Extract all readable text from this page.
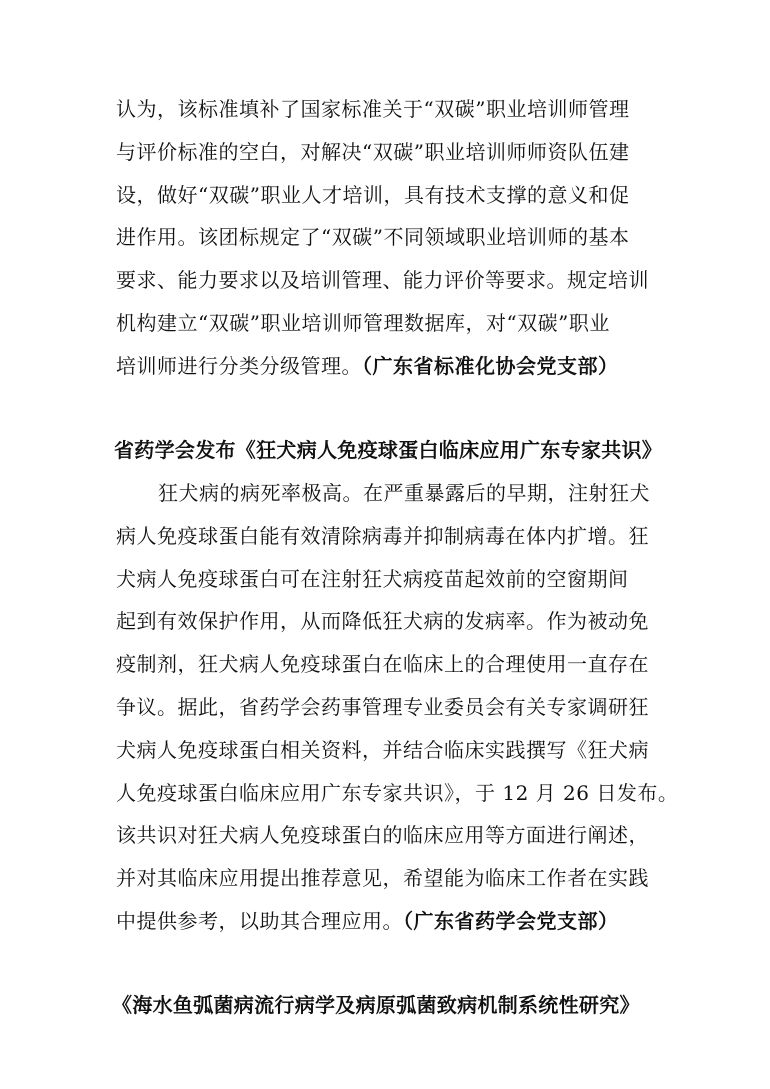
认为，该标准填补了国家标准关于“双碳”职业培训师管理
与评价标准的空白，对解决“双碳”职业培训师师资队伍建
设，做好“双碳”职业人才培训，具有技术支撑的意义和促
进作用。该团标规定了“双碳”不同领域职业培训师的基本
要求、能力要求以及培训管理、能力评价等要求。规定培训
机构建立“双碳”职业培训师管理数据库，对“双碳”职业
培训师进行分类分级管理。（广东省标准化协会党支部）
省药学会发布《狂犬病人免疫球蛋白临床应用广东专家共识》
狂犬病的病死率极高。在严重暴露后的早期，注射狂犬
病人免疫球蛋白能有效清除病毒并抑制病毒在体内扩增。狂
犬病人免疫球蛋白可在注射狂犬病疫苗起效前的空窗期间
起到有效保护作用，从而降低狂犬病的发病率。作为被动免
疫制剂，狂犬病人免疫球蛋白在临床上的合理使用一直存在
争议。据此，省药学会药事管理专业委员会有关专家调研狂
犬病人免疫球蛋白相关资料，并结合临床实践撰写《狂犬病
人免疫球蛋白临床应用广东专家共识》，于 12 月 26 日发布。
该共识对狂犬病人免疫球蛋白的临床应用等方面进行阐述，
并对其临床应用提出推荐意见，希望能为临床工作者在实践
中提供参考，以助其合理应用。（广东省药学会党支部）
《海水鱼弧菌病流行病学及病原弧菌致病机制系统性研究》
